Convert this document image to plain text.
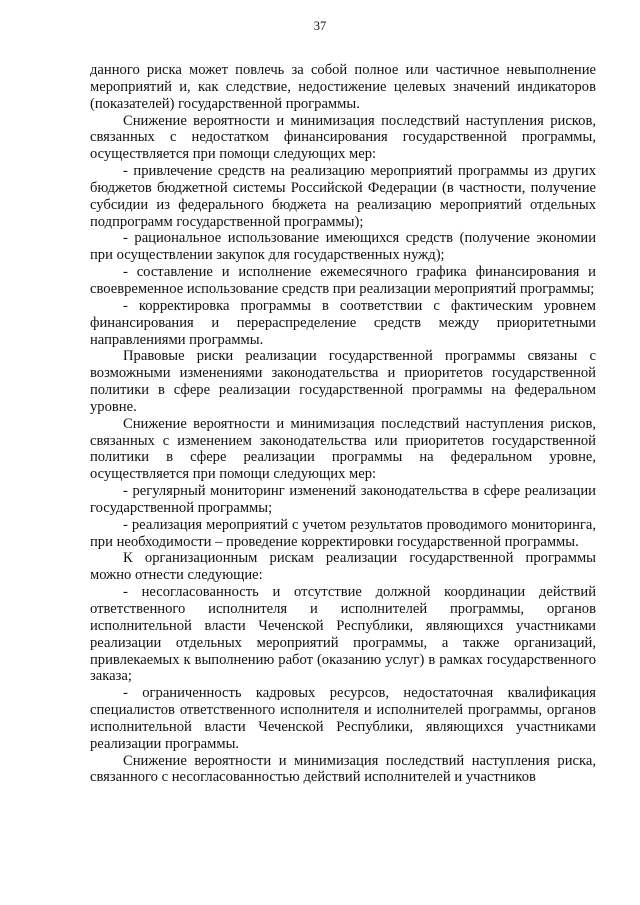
37

данного риска может повлечь за собой полное или частичное невыполнение мероприятий и, как следствие, недостижение целевых значений индикаторов (показателей) государственной программы.

Снижение вероятности и минимизация последствий наступления рисков, связанных с недостатком финансирования государственной программы, осуществляется при помощи следующих мер:

- привлечение средств на реализацию мероприятий программы из других бюджетов бюджетной системы Российской Федерации (в частности, получение субсидии из федерального бюджета на реализацию мероприятий отдельных подпрограмм государственной программы);

- рациональное использование имеющихся средств (получение экономии при осуществлении закупок для государственных нужд);

- составление и исполнение ежемесячного графика финансирования и своевременное использование средств при реализации мероприятий программы;

- корректировка программы в соответствии с фактическим уровнем финансирования и перераспределение средств между приоритетными направлениями программы.

Правовые риски реализации государственной программы связаны с возможными изменениями законодательства и приоритетов государственной политики в сфере реализации государственной программы на федеральном уровне.

Снижение вероятности и минимизация последствий наступления рисков, связанных с изменением законодательства или приоритетов государственной политики в сфере реализации программы на федеральном уровне, осуществляется при помощи следующих мер:

- регулярный мониторинг изменений законодательства в сфере реализации государственной программы;

- реализация мероприятий с учетом результатов проводимого мониторинга, при необходимости – проведение корректировки государственной программы.

К организационным рискам реализации государственной программы можно отнести следующие:

- несогласованность и отсутствие должной координации действий ответственного исполнителя и исполнителей программы, органов исполнительной власти Чеченской Республики, являющихся участниками реализации отдельных мероприятий программы, а также организаций, привлекаемых к выполнению работ (оказанию услуг) в рамках государственного заказа;

- ограниченность кадровых ресурсов, недостаточная квалификация специалистов ответственного исполнителя и исполнителей программы, органов исполнительной власти Чеченской Республики, являющихся участниками реализации программы.

Снижение вероятности и минимизация последствий наступления риска, связанного с несогласованностью действий исполнителей и участников
